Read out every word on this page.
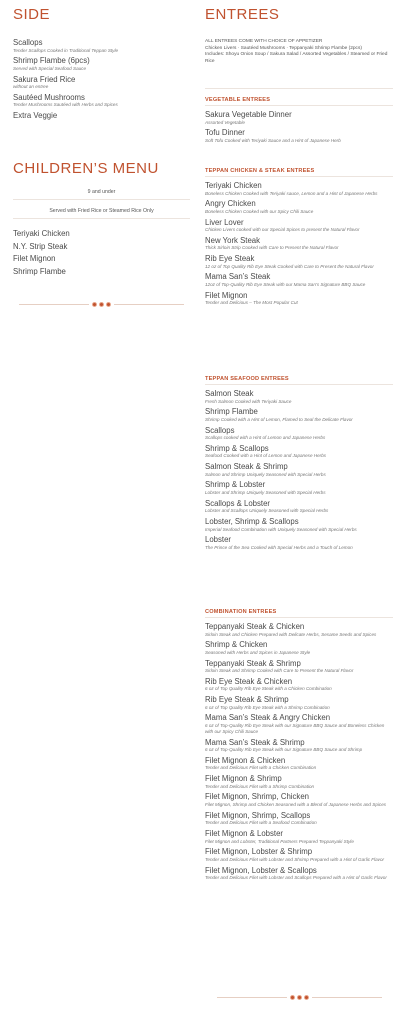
SIDE
Scallops
Tender Scallops Cooked in Traditional Teppan Style
Shrimp Flambe (6pcs)
Served with Special Seafood Sauce
Sakura Fried Rice
without an entree
Sautéed Mushrooms
Tender Mushrooms Sautéed with Herbs and Spices
Extra Veggie
CHILDREN’S MENU
9 and under
Served with Fried Rice or Steamed Rice Only
Teriyaki Chicken
N.Y. Strip Steak
Filet Mignon
Shrimp Flambe
ENTREES
ALL ENTREES COME WITH CHOICE OF APPETIZER
Chicken Livers · Sautéed Mushrooms · Teppanyaki Shrimp Flambe (2pcs)
Includes: Shoyu Onion Soup / Sakura Salad / Assorted Vegetables / Steamed or Fried Rice
VEGETABLE ENTREES
Sakura Vegetable Dinner
Assorted Vegetable
Tofu Dinner
Soft Tofu Cooked with Teriyaki Sauce and a Hint of Japanese Herb
TEPPAN CHICKEN & STEAK ENTREES
Teriyaki Chicken
Boneless Chicken Cooked with Teriyaki sauce, Lemon and a Hint of Japanese Herbs
Angry Chicken
Boneless Chicken Cooked with our Spicy Chili Sauce
Liver Lover
Chicken Livers cooked with our Special Spices to present the Natural Flavor
New York Steak
Thick Sirloin Strip Cooked with Care to Present the Natural Flavor
Rib Eye Steak
12 oz of Top Quality Rib Eye Steak Cooked with Care to Present the Natural Flavor
Mama San’s Steak
12oz of Top-Quality Rib Eye Steak with our Mama San’s Signature BBQ Sauce
Filet Mignon
Tender and Delicious – The Most Popular Cut
TEPPAN SEAFOOD ENTREES
Salmon Steak
Fresh Salmon Cooked with Teriyaki Sauce
Shrimp Flambe
Shrimp Cooked with a Hint of Lemon, Flamed to Seal the Delicate Flavor
Scallops
Scallops cooked with a Hint of Lemon and Japanese Herbs
Shrimp & Scallops
Seafood Cooked with a Hint of Lemon and Japanese Herbs
Salmon Steak & Shrimp
Salmon and Shrimp Uniquely Seasoned with Special Herbs
Shrimp & Lobster
Lobster and Shrimp Uniquely Seasoned with Special Herbs
Scallops & Lobster
Lobster and Scallops Uniquely Seasoned with Special Herbs
Lobster, Shrimp & Scallops
Imperial Seafood Combination with Uniquely Seasoned with Special Herbs
Lobster
The Prince of the Sea Cooked with Special Herbs and a Touch of Lemon
COMBINATION ENTREES
Teppanyaki Steak & Chicken
Sirloin Steak and Chicken Prepared with Delicate Herbs, Sesame Seeds and Spices
Shrimp & Chicken
Seasoned with Herbs and Spices in Japanese Style
Teppanyaki Steak & Shrimp
Sirloin Steak and Shrimp Cooked with Care to Present the Natural Flavor
Rib Eye Steak & Chicken
6 oz of Top Quality Rib Eye Steak with a Chicken Combination
Rib Eye Steak & Shrimp
6 oz of Top Quality Rib Eye Steak with a Shrimp Combination
Mama San’s Steak & Angry Chicken
6 oz of Top-Quality Rib Eye Steak with our Signature BBQ Sauce and Boneless Chicken with our Spicy Chili Sauce
Mama San’s Steak & Shrimp
6 oz of Top-Quality Rib Eye Steak with our Signature BBQ Sauce and Shrimp
Filet Mignon & Chicken
Tender and Delicious Filet with a Chicken Combination
Filet Mignon & Shrimp
Tender and Delicious Filet with a Shrimp Combination
Filet Mignon, Shrimp, Chicken
Filet Mignon, Shrimp and Chicken Seasoned with a Blend of Japanese Herbs and Spices
Filet Mignon, Shrimp, Scallops
Tender and Delicious Filet with a Seafood Combination
Filet Mignon & Lobster
Filet Mignon and Lobster, Traditional Partners Prepared Teppanyaki Style
Filet Mignon, Lobster & Shrimp
Tender and Delicious Filet with Lobster and Shrimp Prepared with a Hint of Garlic Flavor
Filet Mignon, Lobster & Scallops
Tender and Delicious Filet with Lobster and Scallops Prepared with a Hint of Garlic Flavor
